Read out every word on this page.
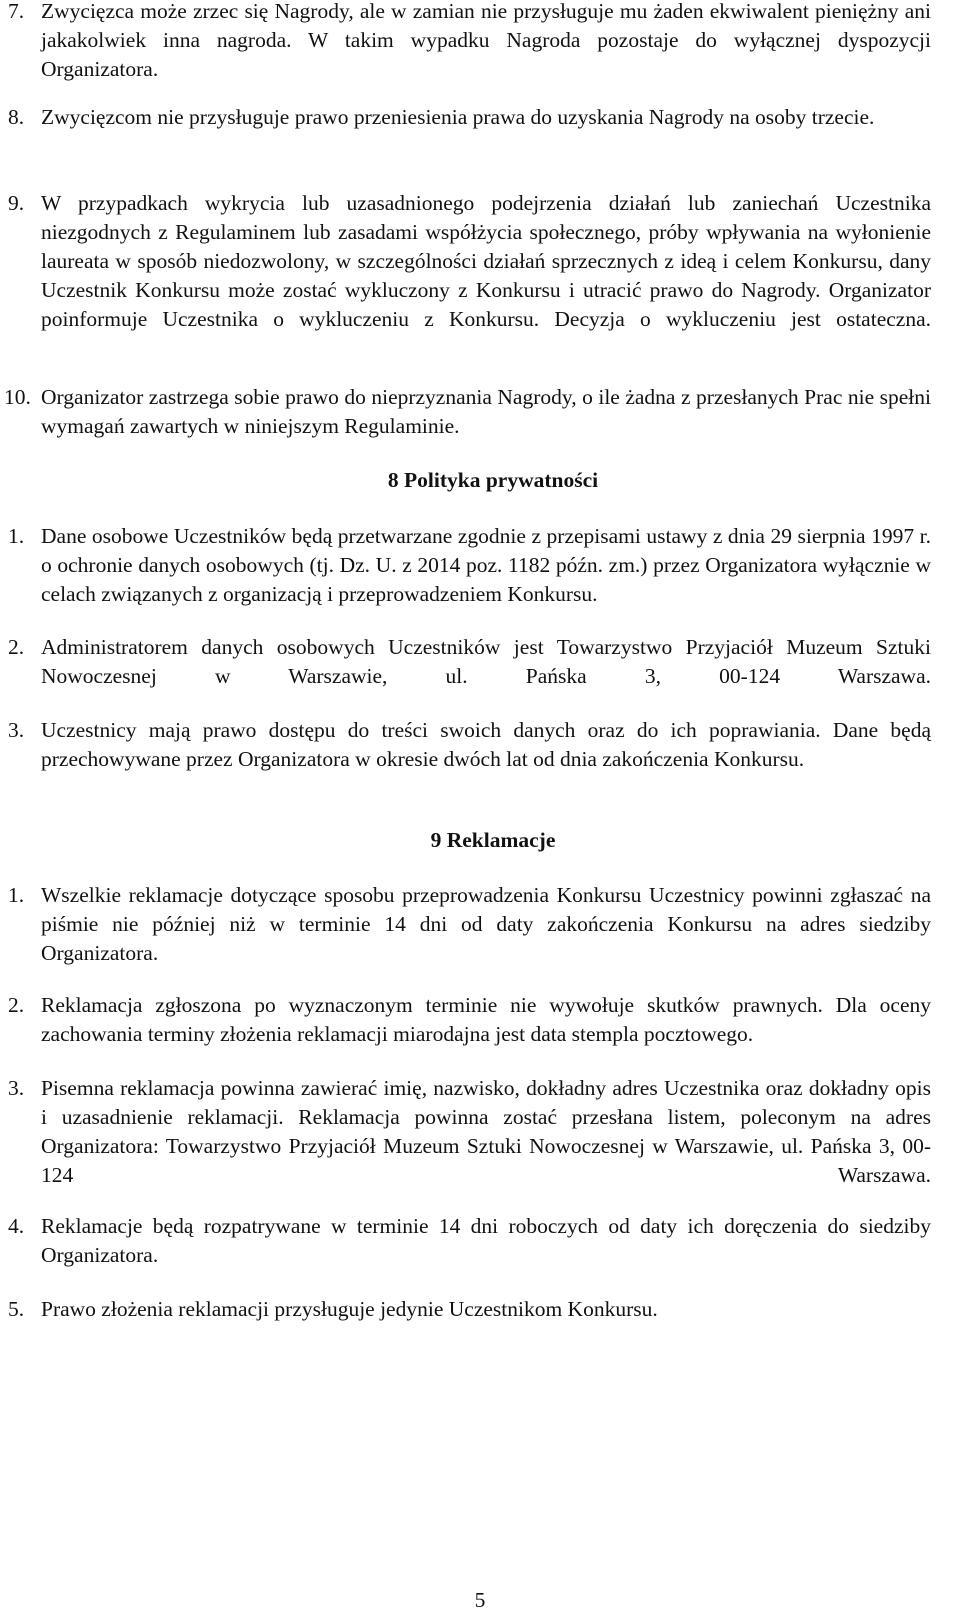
7. Zwycięzca może zrzec się Nagrody, ale w zamian nie przysługuje mu żaden ekwiwalent pieniężny ani jakakolwiek inna nagroda. W takim wypadku Nagroda pozostaje do wyłącznej dyspozycji Organizatora.
8. Zwycięzcom nie przysługuje prawo przeniesienia prawa do uzyskania Nagrody na osoby trzecie.
9. W przypadkach wykrycia lub uzasadnionego podejrzenia działań lub zaniechań Uczestnika niezgodnych z Regulaminem lub zasadami współżycia społecznego, próby wpływania na wyłonienie laureata w sposób niedozwolony, w szczególności działań sprzecznych z ideą i celem Konkursu, dany Uczestnik Konkursu może zostać wykluczony z Konkursu i utracić prawo do Nagrody. Organizator poinformuje Uczestnika o wykluczeniu z Konkursu. Decyzja o wykluczeniu jest ostateczna.
10. Organizator zastrzega sobie prawo do nieprzyznania Nagrody, o ile żadna z przesłanych Prac nie spełni wymagań zawartych w niniejszym Regulaminie.
8 Polityka prywatności
1. Dane osobowe Uczestników będą przetwarzane zgodnie z przepisami ustawy z dnia 29 sierpnia 1997 r. o ochronie danych osobowych (tj. Dz. U. z 2014 poz. 1182 późn. zm.) przez Organizatora wyłącznie w celach związanych z organizacją i przeprowadzeniem Konkursu.
2. Administratorem danych osobowych Uczestników jest Towarzystwo Przyjaciół Muzeum Sztuki Nowoczesnej w Warszawie, ul. Pańska 3, 00-124 Warszawa.
3. Uczestnicy mają prawo dostępu do treści swoich danych oraz do ich poprawiania. Dane będą przechowywane przez Organizatora w okresie dwóch lat od dnia zakończenia Konkursu.
9 Reklamacje
1. Wszelkie reklamacje dotyczące sposobu przeprowadzenia Konkursu Uczestnicy powinni zgłaszać na piśmie nie później niż w terminie 14 dni od daty zakończenia Konkursu na adres siedziby Organizatora.
2. Reklamacja zgłoszona po wyznaczonym terminie nie wywołuje skutków prawnych. Dla oceny zachowania terminy złożenia reklamacji miarodajna jest data stempla pocztowego.
3. Pisemna reklamacja powinna zawierać imię, nazwisko, dokładny adres Uczestnika oraz dokładny opis i uzasadnienie reklamacji. Reklamacja powinna zostać przesłana listem, poleconym na adres Organizatora: Towarzystwo Przyjaciół Muzeum Sztuki Nowoczesnej w Warszawie, ul. Pańska 3, 00-124 Warszawa.
4. Reklamacje będą rozpatrywane w terminie 14 dni roboczych od daty ich doręczenia do siedziby Organizatora.
5. Prawo złożenia reklamacji przysługuje jedynie Uczestnikom Konkursu.
5
